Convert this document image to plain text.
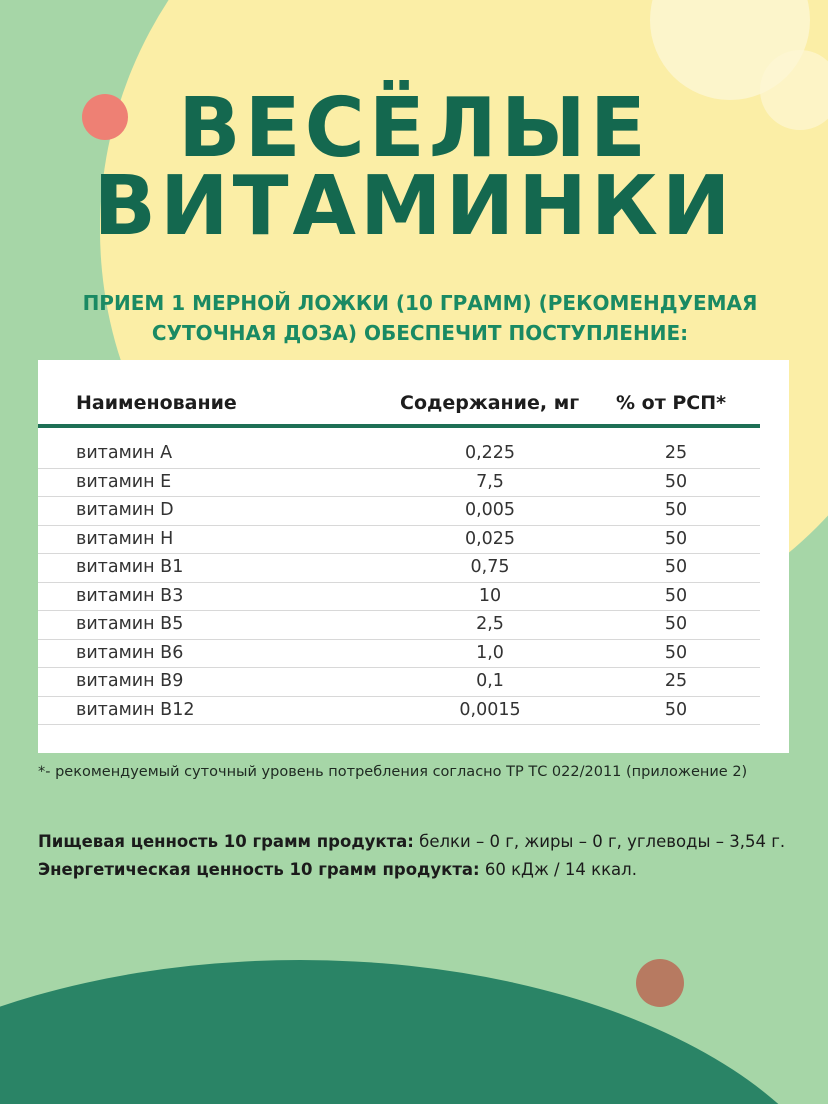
ВЕСЁЛЫЕ
ВИТАМИНКИ
ПРИЕМ 1 МЕРНОЙ ЛОЖКИ (10 ГРАММ) (РЕКОМЕНДУЕМАЯ СУТОЧНАЯ ДОЗА) ОБЕСПЕЧИТ ПОСТУПЛЕНИЕ:
Наименование	Содержание, мг % от РСП*
витамин A	0,225	25
витамин E	7,5	50
витамин D	0,005	50
витамин H	0,025	50
витамин B1	0,75	50
витамин B3	10	50
витамин B5	2,5	50
витамин B6	1,0	50
витамин B9	0,1	25
витамин B12	0,0015	50
*- рекомендуемый суточный уровень потребления согласно ТР ТС 022/2011 (приложение 2)
Пищевая ценность 10 грамм продукта: белки – 0 г, жиры – 0 г, углеводы – 3,54 г.
Энергетическая ценность 10 грамм продукта: 60 кДж / 14 ккал.
